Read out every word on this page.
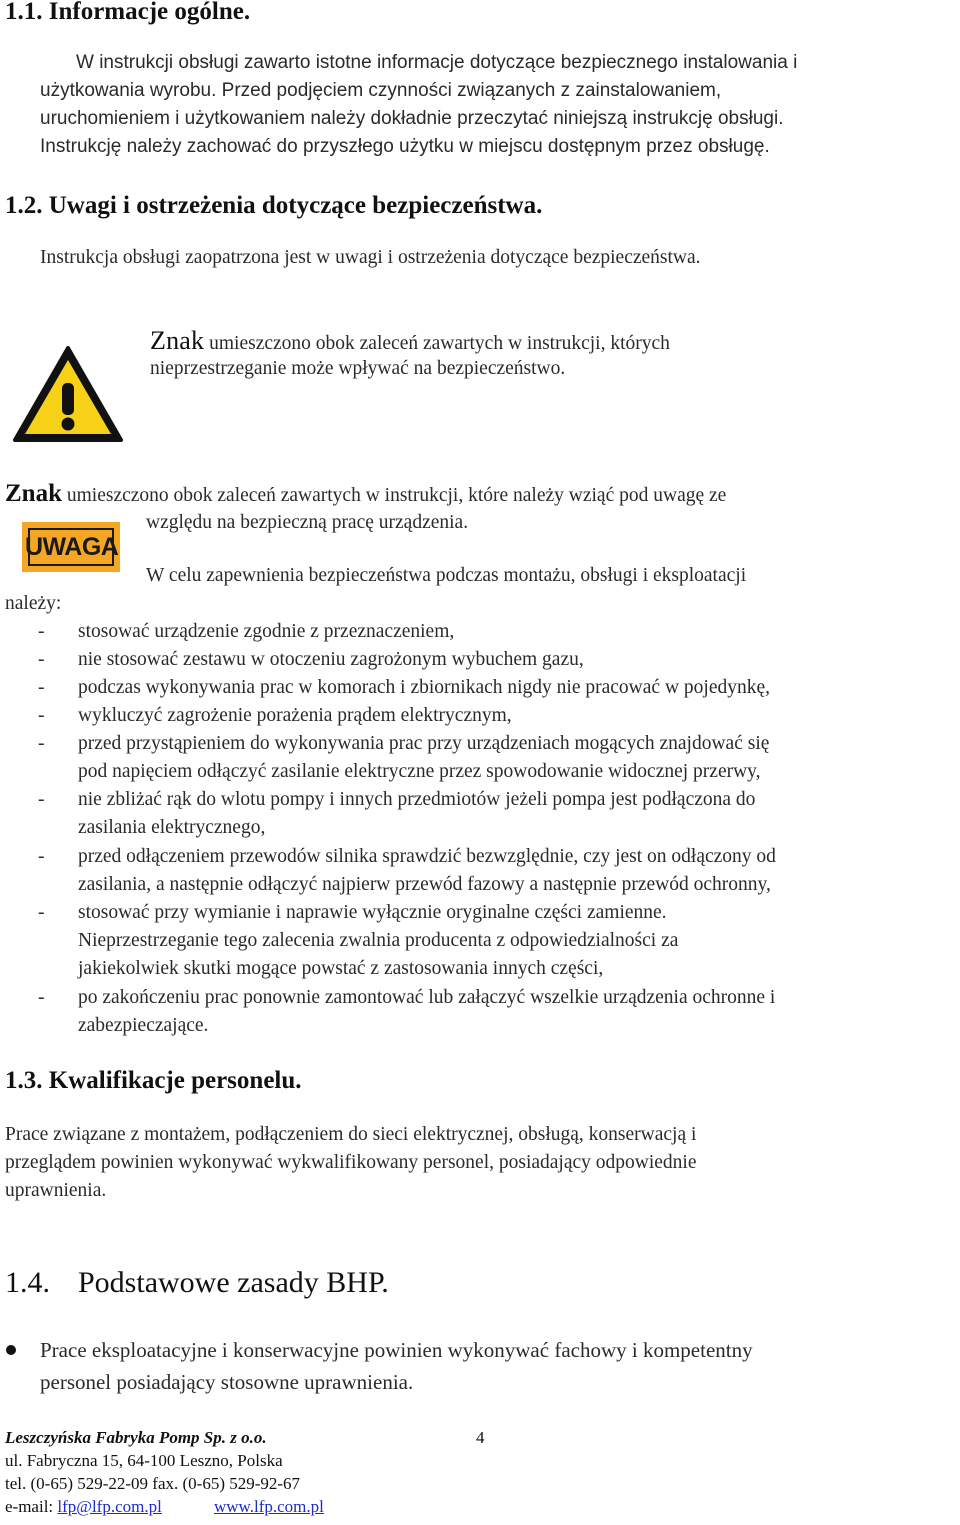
1.1. Informacje ogólne.
W instrukcji obsługi zawarto istotne informacje dotyczące bezpiecznego instalowania i
użytkowania wyrobu. Przed podjęciem czynności związanych z zainstalowaniem,
uruchomieniem i użytkowaniem należy dokładnie przeczytać niniejszą instrukcję obsługi.
Instrukcję należy zachować do przyszłego użytku w miejscu dostępnym przez obsługę.
1.2. Uwagi i ostrzeżenia dotyczące bezpieczeństwa.
Instrukcja obsługi zaopatrzona jest w uwagi i ostrzeżenia dotyczące bezpieczeństwa.
Znak umieszczono obok zaleceń zawartych w instrukcji, których
nieprzestrzeganie może wpływać na bezpieczeństwo.
Znak umieszczono obok zaleceń zawartych w instrukcji, które należy wziąć pod uwagę ze
UWAGA
względu na bezpieczną pracę urządzenia.
W celu zapewnienia bezpieczeństwa podczas montażu, obsługi i eksploatacji
należy:
- stosować urządzenie zgodnie z przeznaczeniem,
- nie stosować zestawu w otoczeniu zagrożonym wybuchem gazu,
- podczas wykonywania prac w komorach i zbiornikach nigdy nie pracować w pojedynkę,
- wykluczyć zagrożenie porażenia prądem elektrycznym,
- przed przystąpieniem do wykonywania prac przy urządzeniach mogących znajdować się
pod napięciem odłączyć zasilanie elektryczne przez spowodowanie widocznej przerwy,
- nie zbliżać rąk do wlotu pompy i innych przedmiotów jeżeli pompa jest podłączona do
zasilania elektrycznego,
- przed odłączeniem przewodów silnika sprawdzić bezwzględnie, czy jest on odłączony od
zasilania, a następnie odłączyć najpierw przewód fazowy a następnie przewód ochronny,
- stosować przy wymianie i naprawie wyłącznie oryginalne części zamienne.
Nieprzestrzeganie tego zalecenia zwalnia producenta z odpowiedzialności za
jakiekolwiek skutki mogące powstać z zastosowania innych części,
- po zakończeniu prac ponownie zamontować lub załączyć wszelkie urządzenia ochronne i
zabezpieczające.
1.3. Kwalifikacje personelu.
Prace związane z montażem, podłączeniem do sieci elektrycznej, obsługą, konserwacją i
przeglądem powinien wykonywać wykwalifikowany personel, posiadający odpowiednie
uprawnienia.
1.4. Podstawowe zasady BHP.
Prace eksploatacyjne i konserwacyjne powinien wykonywać fachowy i kompetentny
personel posiadający stosowne uprawnienia.
Leszczyńska Fabryka Pomp Sp. z o.o.	4
ul. Fabryczna 15, 64-100 Leszno, Polska
tel. (0-65) 529-22-09 fax. (0-65) 529-92-67
e-mail: lfp@lfp.com.pl	www.lfp.com.pl
